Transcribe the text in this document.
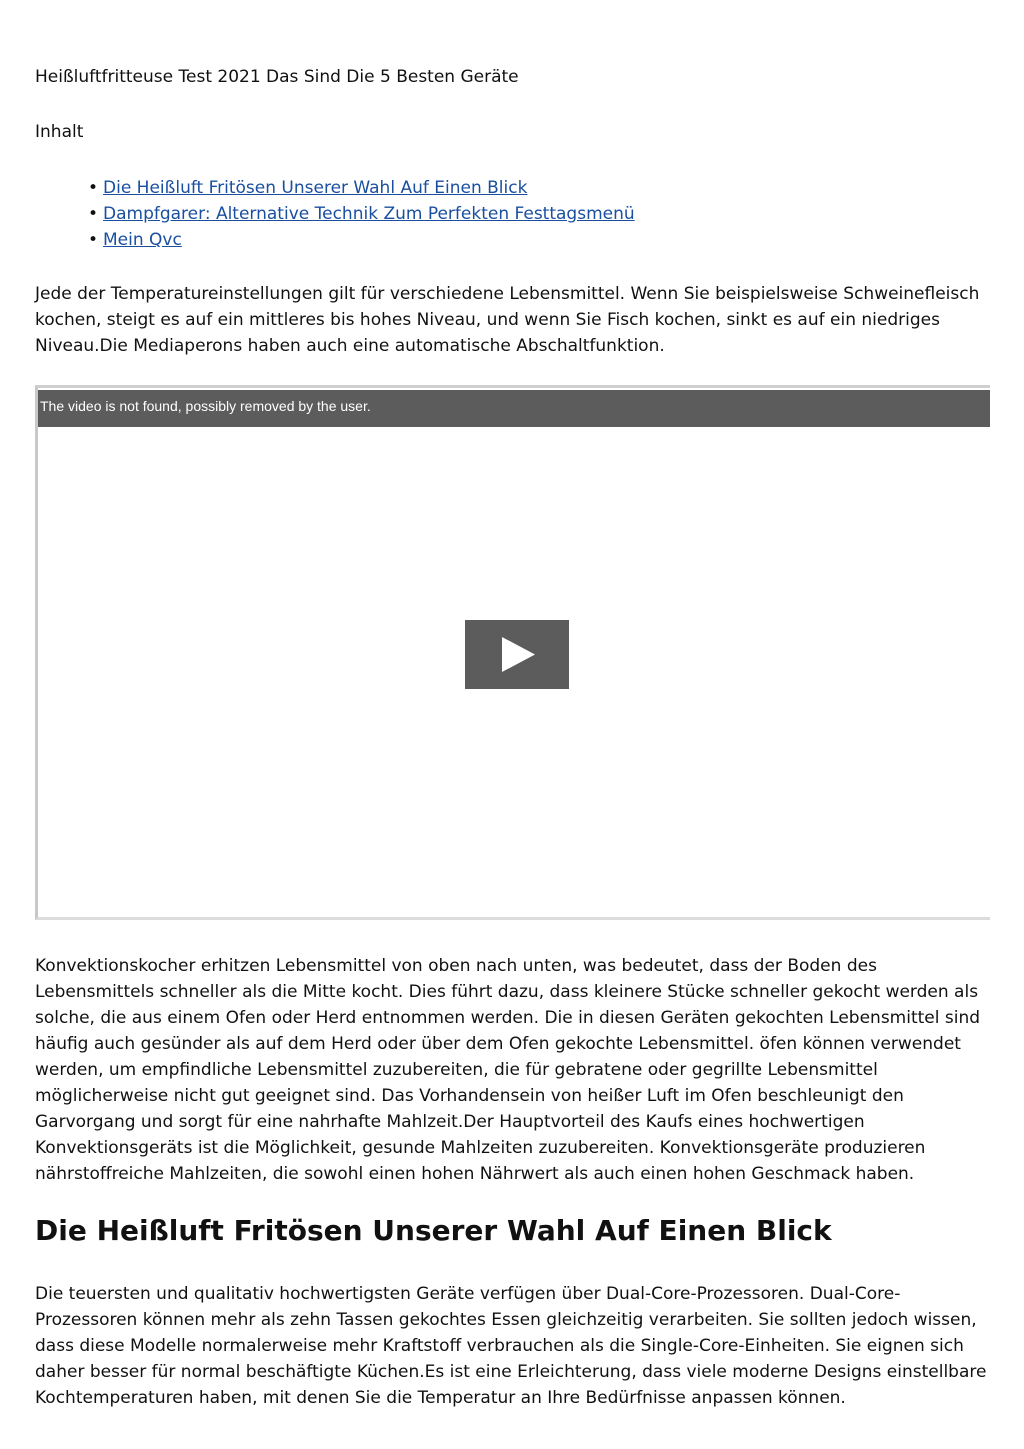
Heißluftfritteuse Test 2021 Das Sind Die 5 Besten Geräte

Inhalt

• Die Heißluft Fritösen Unserer Wahl Auf Einen Blick
• Dampfgarer: Alternative Technik Zum Perfekten Festtagsmenü
• Mein Qvc

Jede der Temperatureinstellungen gilt für verschiedene Lebensmittel. Wenn Sie beispielsweise Schweinefleisch kochen, steigt es auf ein mittleres bis hohes Niveau, und wenn Sie Fisch kochen, sinkt es auf ein niedriges Niveau.Die Mediaperons haben auch eine automatische Abschaltfunktion.

Konvektionskocher erhitzen Lebensmittel von oben nach unten, was bedeutet, dass der Boden des Lebensmittels schneller als die Mitte kocht. Dies führt dazu, dass kleinere Stücke schneller gekocht werden als solche, die aus einem Ofen oder Herd entnommen werden. Die in diesen Geräten gekochten Lebensmittel sind häufig auch gesünder als auf dem Herd oder über dem Ofen gekochte Lebensmittel. öfen können verwendet werden, um empfindliche Lebensmittel zuzubereiten, die für gebratene oder gegrillte Lebensmittel möglicherweise nicht gut geeignet sind. Das Vorhandensein von heißer Luft im Ofen beschleunigt den Garvorgang und sorgt für eine nahrhafte Mahlzeit.Der Hauptvorteil des Kaufs eines hochwertigen Konvektionsgeräts ist die Möglichkeit, gesunde Mahlzeiten zuzubereiten. Konvektionsgeräte produzieren nährstoffreiche Mahlzeiten, die sowohl einen hohen Nährwert als auch einen hohen Geschmack haben.

Die Heißluft Fritösen Unserer Wahl Auf Einen Blick

Die teuersten und qualitativ hochwertigsten Geräte verfügen über Dual-Core-Prozessoren. Dual-Core-Prozessoren können mehr als zehn Tassen gekochtes Essen gleichzeitig verarbeiten. Sie sollten jedoch wissen, dass diese Modelle normalerweise mehr Kraftstoff verbrauchen als die Single-Core-Einheiten. Sie eignen sich daher besser für normal beschäftigte Küchen.Es ist eine Erleichterung, dass viele moderne Designs einstellbare Kochtemperaturen haben, mit denen Sie die Temperatur an Ihre Bedürfnisse anpassen können.

The video is not found, possibly removed by the user.
